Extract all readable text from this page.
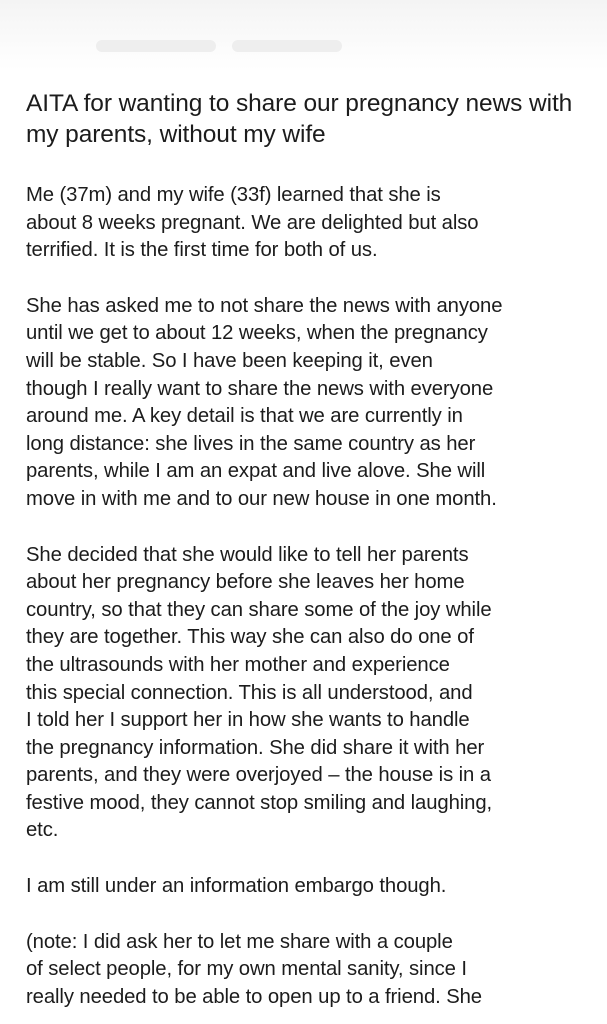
AITA for wanting to share our pregnancy news with my parents, without my wife

Me (37m) and my wife (33f) learned that she is
about 8 weeks pregnant. We are delighted but also
terrified. It is the first time for both of us.

She has asked me to not share the news with anyone
until we get to about 12 weeks, when the pregnancy
will be stable. So I have been keeping it, even
though I really want to share the news with everyone
around me. A key detail is that we are currently in
long distance: she lives in the same country as her
parents, while I am an expat and live alove. She will
move in with me and to our new house in one month.

She decided that she would like to tell her parents
about her pregnancy before she leaves her home
country, so that they can share some of the joy while
they are together. This way she can also do one of
the ultrasounds with her mother and experience
this special connection. This is all understood, and
I told her I support her in how she wants to handle
the pregnancy information. She did share it with her
parents, and they were overjoyed – the house is in a
festive mood, they cannot stop smiling and laughing,
etc.

I am still under an information embargo though.

(note: I did ask her to let me share with a couple
of select people, for my own mental sanity, since I
really needed to be able to open up to a friend. She
